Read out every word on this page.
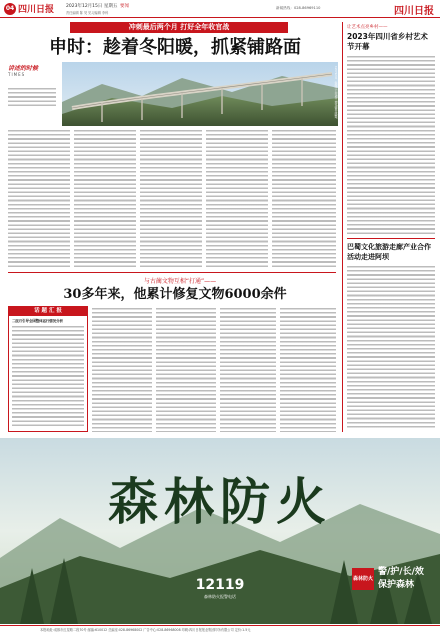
04 四川日报	2023年12月15日 星期五 要闻
责任编辑 陈 昊 见习编辑 李科
新闻热线：028-86969110	四川日报
冲刺最后两个月 打好全年收官战
申时：趁着冬阳暖，抓紧铺路面
讲述的时候
TIMES	12月12日，铁路工人在施工现场铺设路面。
让艺术点亮乡村——
2023年四川省乡村艺术节开幕
巴蜀文化旅游走廊产业合作活动走进阿坝
与古蔺文物互相“打通”——
30多年来，他累计修复文物6000余件
话 题 汇 报
二医月引导全国整体运行情况分析
森林防火
12119
森林防火报警电话
森林防火
警/护/长/效
保护森林
本报地址:成都市红星路二段70号 邮编:610012 总编室:028-86968002 广告中心:028-86968008 印刷:四川日报报业集团印务有限公司 定价:1.5元
